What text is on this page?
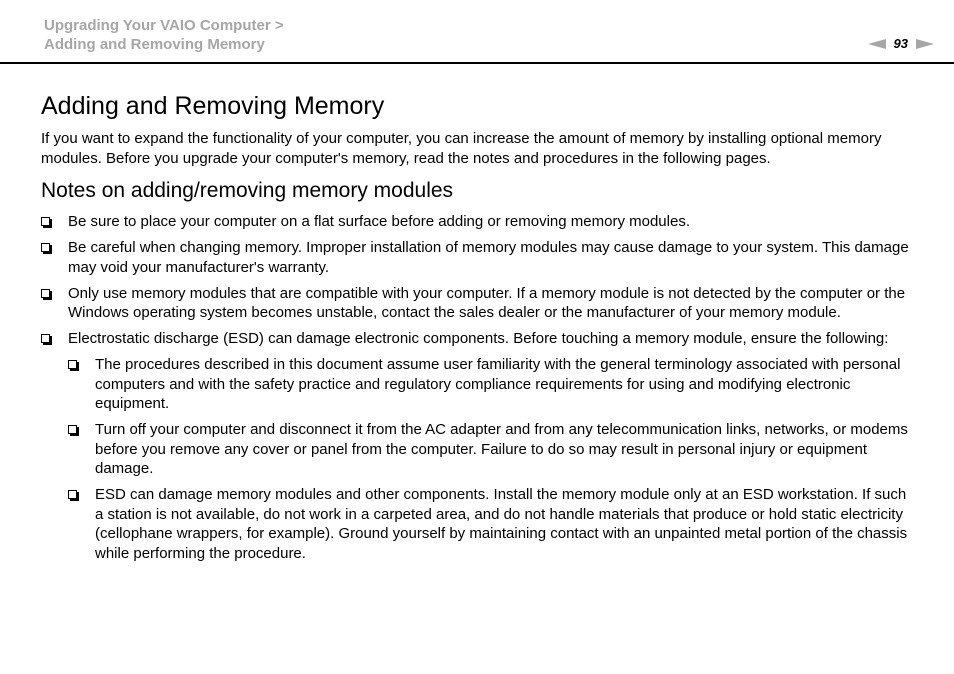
Upgrading Your VAIO Computer >
Adding and Removing Memory	93
Adding and Removing Memory

If you want to expand the functionality of your computer, you can increase the amount of memory by installing optional memory modules. Before you upgrade your computer's memory, read the notes and procedures in the following pages.

Notes on adding/removing memory modules
Be sure to place your computer on a flat surface before adding or removing memory modules.
Be careful when changing memory. Improper installation of memory modules may cause damage to your system. This damage may void your manufacturer's warranty.
Only use memory modules that are compatible with your computer. If a memory module is not detected by the computer or the Windows operating system becomes unstable, contact the sales dealer or the manufacturer of your memory module.
Electrostatic discharge (ESD) can damage electronic components. Before touching a memory module, ensure the following:
The procedures described in this document assume user familiarity with the general terminology associated with personal computers and with the safety practice and regulatory compliance requirements for using and modifying electronic equipment.
Turn off your computer and disconnect it from the AC adapter and from any telecommunication links, networks, or modems before you remove any cover or panel from the computer. Failure to do so may result in personal injury or equipment damage.
ESD can damage memory modules and other components. Install the memory module only at an ESD workstation. If such a station is not available, do not work in a carpeted area, and do not handle materials that produce or hold static electricity (cellophane wrappers, for example). Ground yourself by maintaining contact with an unpainted metal portion of the chassis while performing the procedure.
